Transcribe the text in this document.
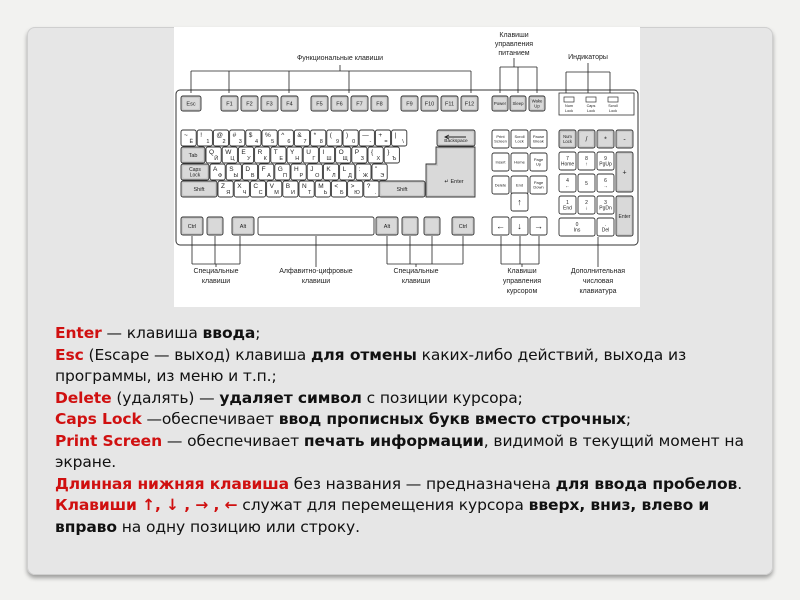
Esc	F1 F2 F3 F4	F5 F6 F7 F8	F9 F10 F11 F12	Power Sleep Wake
Up	Num
Lock
Caps
Lock
Scroll
Lock
~
Ё
!
1
@
2
#
3
$
4
%
5
^
6
&
7
*
8
(
9
)
0
—
-
+
=
|
\	Backspace
Tab Q
Й
W
Ц
E
У
R
К
T
Е
Y
Н
U
Г
I
Ш
O
Щ
P
З
{
Х
}
Ъ
↵ Enter
Caps
Lock
A
Ф
S
Ы
D
В
F
А
G
П
H
Р
J
О
K
Л
L
Д
:
Ж
"
Э
Shift	Z
Я
X
Ч
C
С
V
М
B
И
N
Т
M
Ь
<
Б
>
Ю
?
.
Shift
Ctrl	Alt	Alt	Ctrl
Print
Screen
Scroll
Lock
Pause
Break
Insert Home Page
Up
Delete End	Page
Down
↑
← ↓ →
Num
Lock / * -
7
Home
8
↑
9
PgUp
+
4
←	5	6
→
1
End
2
↓
3
PgDn
Enter
0
Ins
.
Del
Функциональные клавиши
Клавиши
управления
питанием
Индикаторы
Специальные
клавиши
Алфавитно-цифровые
клавиши
Специальные
клавиши
Клавиши
управления
курсором
Дополнительная
числовая
клавиатура

Enter — клавиша ввода;

Esc (Escape — выход) клавиша для отмены каких-либо действий, выхода из программы, из меню и т.п.;

Delete (удалять) — удаляет символ с позиции курсора;

Caps Lock —обеспечивает ввод прописных букв вместо строчных;

Print Screen — обеспечивает печать информации, видимой в текущий момент на экране.

Длинная нижняя клавиша без названия — предназначена для ввода пробелов.

Клавиши ↑, ↓ , → , ← служат для перемещения курсора вверх, вниз, влево и вправо на одну позицию или строку.
